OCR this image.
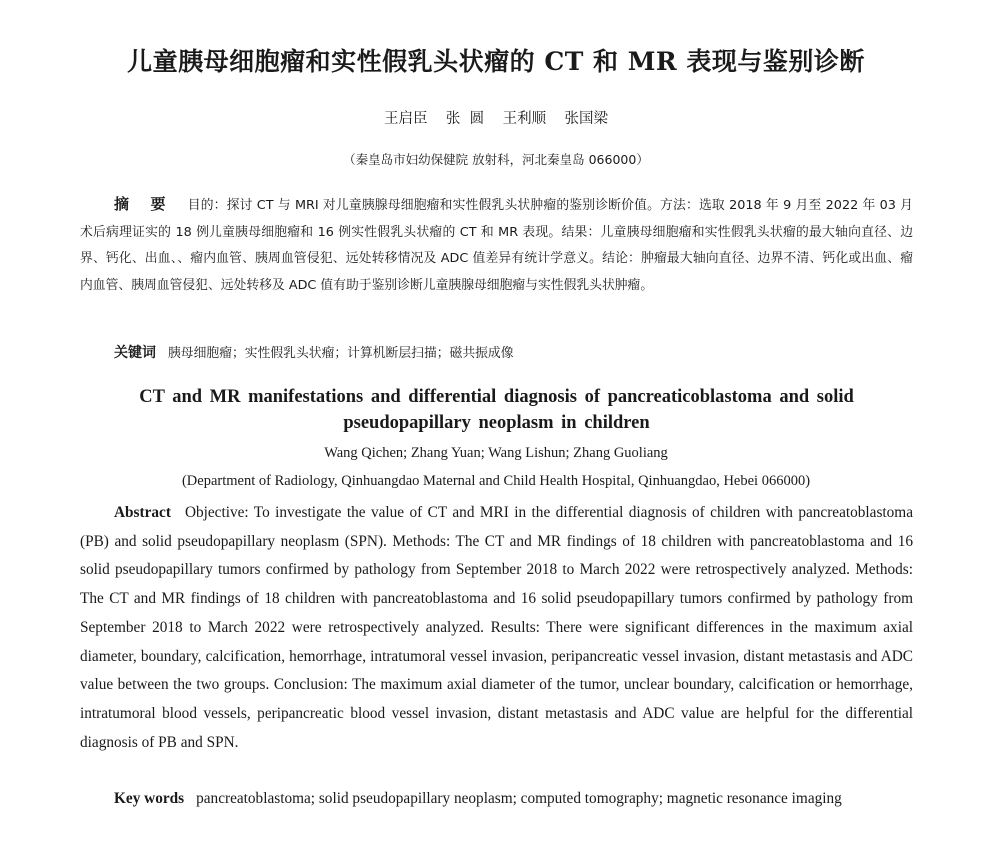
儿童胰母细胞瘤和实性假乳头状瘤的 CT 和 MR 表现与鉴别诊断
王启臣    张  圆    王利顺    张国梁
（秦皇岛市妇幼保健院 放射科，河北秦皇岛 066000）

摘 要 目的：探讨 CT 与 MRI 对儿童胰腺母细胞瘤和实性假乳头状肿瘤的鉴别诊断价值。方法：选取 2018 年 9 月至 2022 年 03 月术后病理证实的 18 例儿童胰母细胞瘤和 16 例实性假乳头状瘤的 CT 和 MR 表现。结果：儿童胰母细胞瘤和实性假乳头状瘤的最大轴向直径、边界、钙化、出血、、瘤内血管、胰周血管侵犯、远处转移情况及 ADC 值差异有统计学意义。结论：肿瘤最大轴向直径、边界不清、钙化或出血、瘤内血管、胰周血管侵犯、远处转移及 ADC 值有助于鉴别诊断儿童胰腺母细胞瘤与实性假乳头状肿瘤。

关键词 胰母细胞瘤；实性假乳头状瘤；计算机断层扫描；磁共振成像
CT and MR manifestations and differential diagnosis of pancreaticoblastoma and solid pseudopapillary neoplasm in children
Wang Qichen; Zhang Yuan; Wang Lishun; Zhang Guoliang
(Department of Radiology, Qinhuangdao Maternal and Child Health Hospital, Qinhuangdao, Hebei 066000)

Abstract Objective: To investigate the value of CT and MRI in the differential diagnosis of children with pancreatoblastoma (PB) and solid pseudopapillary neoplasm (SPN). Methods: The CT and MR findings of 18 children with pancreatoblastoma and 16 solid pseudopapillary tumors confirmed by pathology from September 2018 to March 2022 were retrospectively analyzed. Methods: The CT and MR findings of 18 children with pancreatoblastoma and 16 solid pseudopapillary tumors confirmed by pathology from September 2018 to March 2022 were retrospectively analyzed. Results: There were significant differences in the maximum axial diameter, boundary, calcification, hemorrhage, intratumoral vessel invasion, peripancreatic vessel invasion, distant metastasis and ADC value between the two groups. Conclusion: The maximum axial diameter of the tumor, unclear boundary, calcification or hemorrhage, intratumoral blood vessels, peripancreatic blood vessel invasion, distant metastasis and ADC value are helpful for the differential diagnosis of PB and SPN.

Key words pancreatoblastoma; solid pseudopapillary neoplasm; computed tomography; magnetic resonance imaging
